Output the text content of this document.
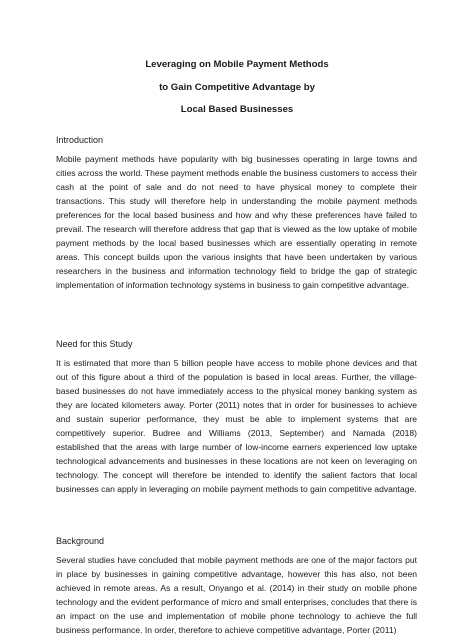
Leveraging on Mobile Payment Methods
to Gain Competitive Advantage by
Local Based Businesses
Introduction
Mobile payment methods have popularity with big businesses operating in large towns and cities across the world. These payment methods enable the business customers to access their cash at the point of sale and do not need to have physical money to complete their transactions. This study will therefore help in understanding the mobile payment methods preferences for the local based business and how and why these preferences have failed to prevail. The research will therefore address that gap that is viewed as the low uptake of mobile payment methods by the local based businesses which are essentially operating in remote areas. This concept builds upon the various insights that have been undertaken by various researchers in the business and information technology field to bridge the gap of strategic implementation of information technology systems in business to gain competitive advantage.
Need for this Study
It is estimated that more than 5 billion people have access to mobile phone devices and that out of this figure about a third of the population is based in local areas. Further, the village-based businesses do not have immediately access to the physical money banking system as they are located kilometers away. Porter (2011) notes that in order for businesses to achieve and sustain superior performance, they must be able to implement systems that are competitively superior. Budree and Williams (2013, September) and Namada (2018) established that the areas with large number of low-income earners experienced low uptake technological advancements and businesses in these locations are not keen on leveraging on technology. The concept will therefore be intended to identify the salient factors that local businesses can apply in leveraging on mobile payment methods to gain competitive advantage.
Background
Several studies have concluded that mobile payment methods are one of the major factors put in place by businesses in gaining competitive advantage, however this has also, not been achieved in remote areas. As a result, Onyango et al. (2014) in their study on mobile phone technology and the evident performance of micro and small enterprises, concludes that there is an impact on the use and implementation of mobile phone technology to achieve the full business performance. In order, therefore to achieve competitive advantage, Porter (2011)
